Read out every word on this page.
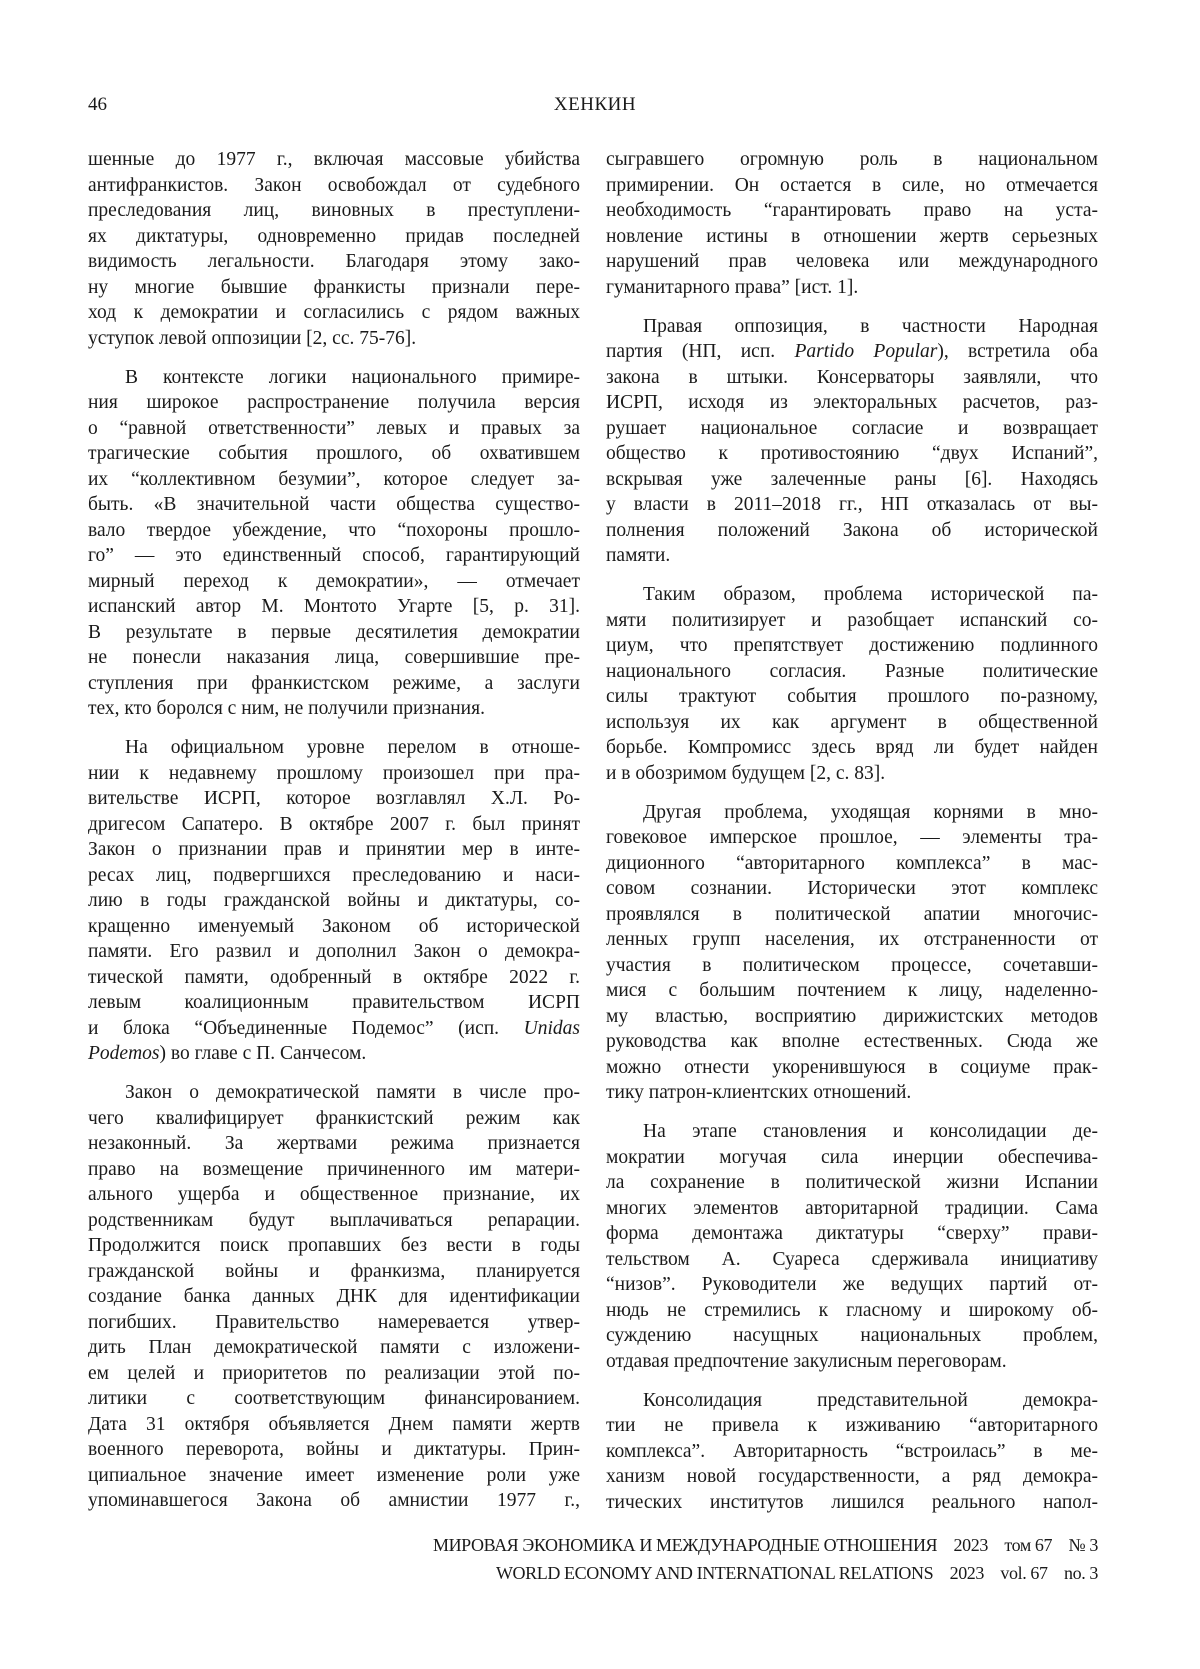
46	ХЕНКИН
шенные до 1977 г., включая массовые убийства
антифранкистов. Закон освобождал от судебного
преследования лиц, виновных в преступлени-
ях диктатуры, одновременно придав последней
видимость легальности. Благодаря этому зако-
ну многие бывшие франкисты признали пере-
ход к демократии и согласились с рядом важных
уступок левой оппозиции [2, сс. 75-76].
В контексте логики национального примире-
ния широкое распространение получила версия
о “равной ответственности” левых и правых за
трагические события прошлого, об охватившем
их “коллективном безумии”, которое следует за-
быть. «В значительной части общества существо-
вало твердое убеждение, что “похороны прошло-
го” — это единственный способ, гарантирующий
мирный переход к демократии», — отмечает
испанский автор М. Монтото Угарте [5, p. 31].
В результате в первые десятилетия демократии
не понесли наказания лица, совершившие пре-
ступления при франкистском режиме, а заслуги
тех, кто боролся с ним, не получили признания.
На официальном уровне перелом в отноше-
нии к недавнему прошлому произошел при пра-
вительстве ИСРП, которое возглавлял Х.Л. Ро-
дригесом Сапатеро. В октябре 2007 г. был принят
Закон о признании прав и принятии мер в инте-
ресах лиц, подвергшихся преследованию и наси-
лию в годы гражданской войны и диктатуры, со-
кращенно именуемый Законом об исторической
памяти. Его развил и дополнил Закон о демокра-
тической памяти, одобренный в октябре 2022 г.
левым коалиционным правительством ИСРП
и блока “Объединенные Подемос” (исп. Unidas
Podemos) во главе с П. Санчесом.
Закон о демократической памяти в числе про-
чего квалифицирует франкистский режим как
незаконный. За жертвами режима признается
право на возмещение причиненного им матери-
ального ущерба и общественное признание, их
родственникам будут выплачиваться репарации.
Продолжится поиск пропавших без вести в годы
гражданской войны и франкизма, планируется
создание банка данных ДНК для идентификации
погибших. Правительство намеревается утвер-
дить План демократической памяти с изложени-
ем целей и приоритетов по реализации этой по-
литики с соответствующим финансированием.
Дата 31 октября объявляется Днем памяти жертв
военного переворота, войны и диктатуры. Прин-
ципиальное значение имеет изменение роли уже
упоминавшегося Закона об амнистии 1977 г.,
сыгравшего огромную роль в национальном
примирении. Он остается в силе, но отмечается
необходимость “гарантировать право на уста-
новление истины в отношении жертв серьезных
нарушений прав человека или международного
гуманитарного права” [ист. 1].
Правая оппозиция, в частности Народная
партия (НП, исп. Partido Popular), встретила оба
закона в штыки. Консерваторы заявляли, что
ИСРП, исходя из электоральных расчетов, раз-
рушает национальное согласие и возвращает
общество к противостоянию “двух Испаний”,
вскрывая уже залеченные раны [6]. Находясь
у власти в 2011–2018 гг., НП отказалась от вы-
полнения положений Закона об исторической
памяти.
Таким образом, проблема исторической па-
мяти политизирует и разобщает испанский со-
циум, что препятствует достижению подлинного
национального согласия. Разные политические
силы трактуют события прошлого по-разному,
используя их как аргумент в общественной
борьбе. Компромисс здесь вряд ли будет найден
и в обозримом будущем [2, с. 83].
Другая проблема, уходящая корнями в мно-
говековое имперское прошлое, — элементы тра-
диционного “авторитарного комплекса” в мас-
совом сознании. Исторически этот комплекс
проявлялся в политической апатии многочис-
ленных групп населения, их отстраненности от
участия в политическом процессе, сочетавши-
мися с большим почтением к лицу, наделенно-
му властью, восприятию дирижистских методов
руководства как вполне естественных. Сюда же
можно отнести укоренившуюся в социуме прак-
тику патрон-клиентских отношений.
На этапе становления и консолидации де-
мократии могучая сила инерции обеспечива-
ла сохранение в политической жизни Испании
многих элементов авторитарной традиции. Сама
форма демонтажа диктатуры “сверху” прави-
тельством А. Суареса сдерживала инициативу
“низов”. Руководители же ведущих партий от-
нюдь не стремились к гласному и широкому об-
суждению насущных национальных проблем,
отдавая предпочтение закулисным переговорам.
Консолидация представительной демокра-
тии не привела к изживанию “авторитарного
комплекса”. Авторитарность “встроилась” в ме-
ханизм новой государственности, а ряд демокра-
тических институтов лишился реального напол-
МИРОВАЯ ЭКОНОМИКА И МЕЖДУНАРОДНЫЕ ОТНОШЕНИЯ    2023    том 67    № 3
WORLD ECONOMY AND INTERNATIONAL RELATIONS    2023    vol. 67    no. 3
